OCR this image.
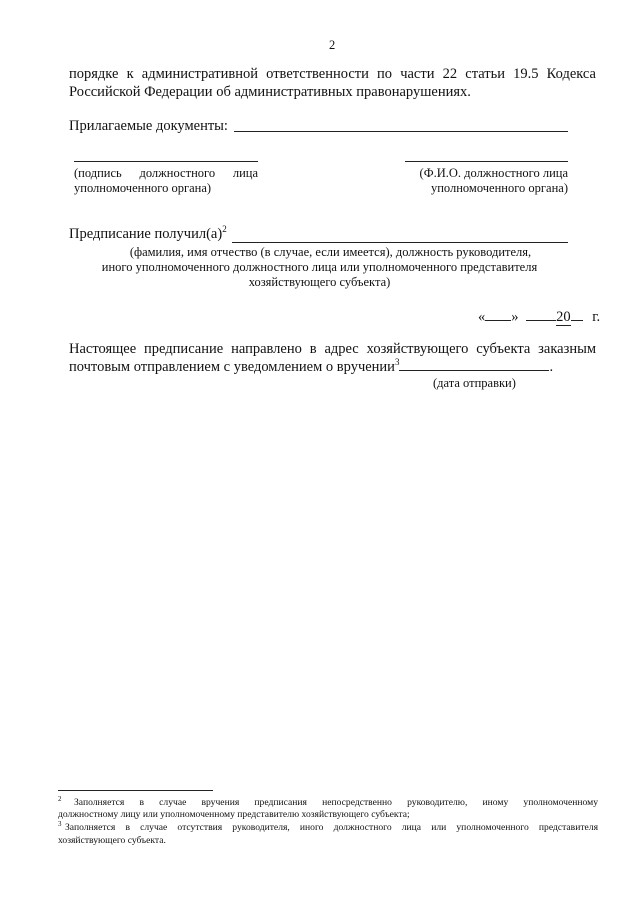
2
порядке к административной ответственности по части 22 статьи 19.5 Кодекса
Российской Федерации об административных правонарушениях.
Прилагаемые документы:
(подпись должностного лица
уполномоченного органа)
(Ф.И.О. должностного лица
уполномоченного органа)
Предписание $получил(а)^2$
(фамилия, имя отчество (в случае, если имеется), должность руководителя,
иного уполномоченного должностного лица или уполномоченного представителя
хозяйствующего субъекта)
« »	20 г.
Настоящее предписание направлено в адрес хозяйствующего субъекта заказным
почтовым отправлением с уведомлением о вручении$^3$	.
(дата отправки)
$^2$ Заполняется в случае вручения предписания непосредственно руководителю, иному уполномоченному
должностному лицу или уполномоченному представителю хозяйствующего субъекта;
$^3$ Заполняется в случае отсутствия руководителя, иного должностного лица или уполномоченного представителя
хозяйствующего субъекта.
